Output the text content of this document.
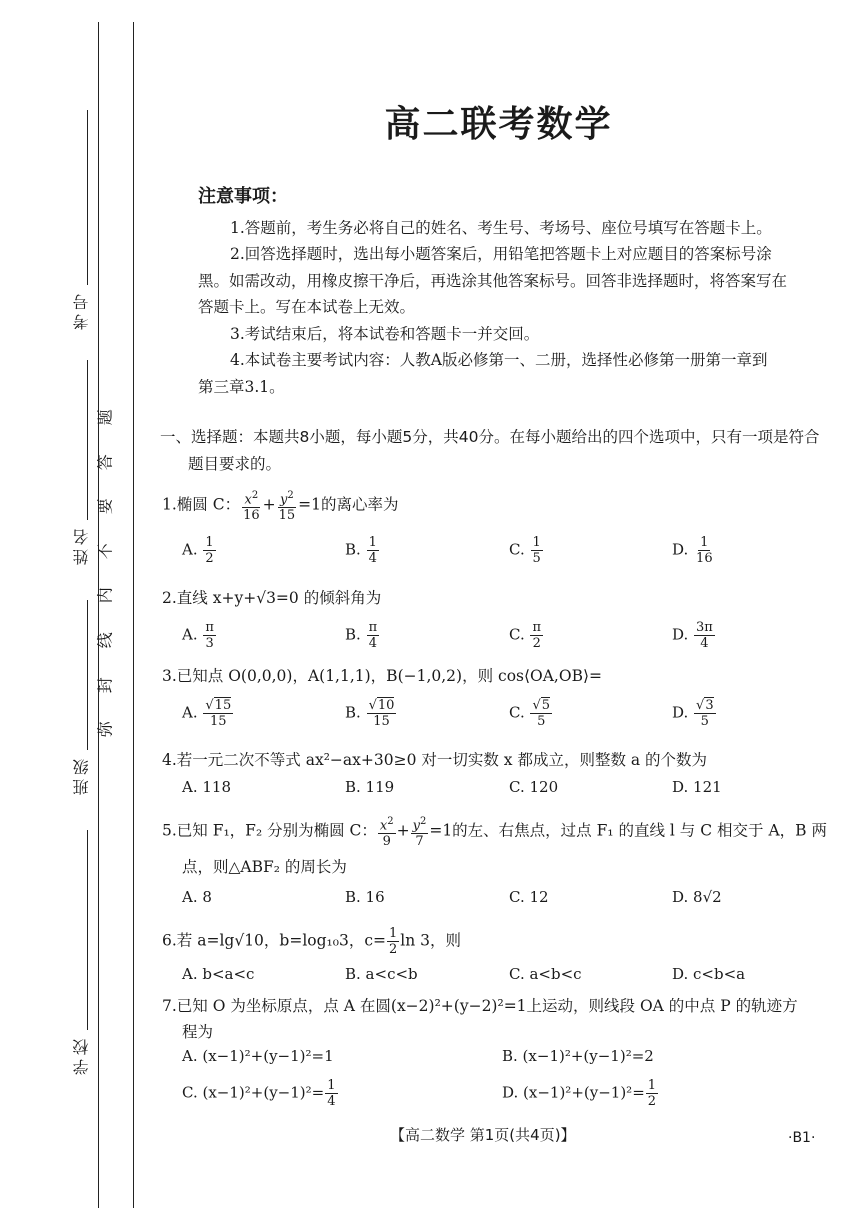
考号
姓名
班级
学校
题
答
要
不
内
线
封
弥
高二联考数学
注意事项：

1.答题前，考生务必将自己的姓名、考生号、考场号、座位号填写在答题卡上。

2.回答选择题时，选出每小题答案后，用铅笔把答题卡上对应题目的答案标号涂

黑。如需改动，用橡皮擦干净后，再选涂其他答案标号。回答非选择题时，将答案写在

答题卡上。写在本试卷上无效。

3.考试结束后，将本试卷和答题卡一并交回。

4.本试卷主要考试内容：人教A版必修第一、二册，选择性必修第一册第一章到

第三章3.1。

一、选择题：本题共8小题，每小题5分，共40分。在每小题给出的四个选项中，只有一项是符合
题目要求的。
1.椭圆 C： $\frac{x^2}{16} + \frac{y^2}{15} =1$的离心率为
A. $\frac{1}{2}$	B. $\frac{1}{4}$	C. $\frac{1}{5}$	D. $\frac{1}{16}$
2.直线 x+y+√3=0 的倾斜角为
A. $\frac{\pi}{3}$	B. $\frac{\pi}{4}$	C. $\frac{\pi}{2}$	D. $\frac{3\pi}{4}$
3.已知点 O(0,0,0)，A(1,1,1)，B(−1,0,2)，则 cos⟨OA,OB⟩=
A. $\frac{√15}{15}$	B. $\frac{√10}{15}$	C. $\frac{√5}{5}$	D. $\frac{√3}{5}$
4.若一元二次不等式 ax²−ax+30≥0 对一切实数 x 都成立，则整数 a 的个数为
A. 118	B. 119	C. 120	D. 121
5.已知 F₁，F₂ 分别为椭圆 C： $\frac{x^2}{9} + \frac{y^2}{7} =1$的左、右焦点，过点 F₁ 的直线 l 与 C 相交于 A，B 两
点，则△ABF₂ 的周长为
A. 8	B. 16	C. 12	D. 8√2
6.若 a=lg√10，b=log₁₀3，$c= \frac{1}{2}$ ln 3，则
A. b<a<c	B. a<c<b	C. a<b<c	D. c<b<a
7.已知 O 为坐标原点，点 A 在圆(x−2)²+(y−2)²=1上运动，则线段 OA 的中点 P 的轨迹方
程为
A. (x−1)²+(y−1)²=1	B. (x−1)²+(y−1)²=2
C. $(x-1)^2+(y-1)^2= \frac{1}{4}$	D. $(x-1)^2+(y-1)^2= \frac{1}{2}$
【高二数学 第1页(共4页)】	·B1·
